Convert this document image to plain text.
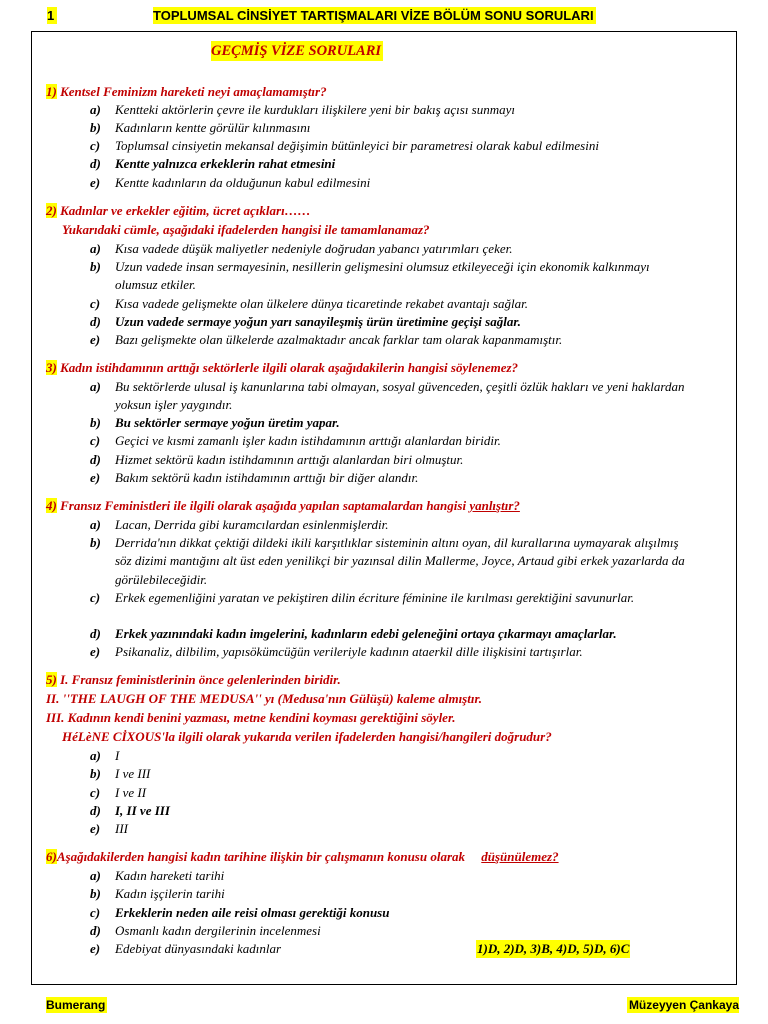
1	TOPLUMSAL CİNSİYET TARTIŞMALARI VİZE BÖLÜM SONU SORULARI
GEÇMİŞ VİZE SORULARI
1) Kentsel Feminizm hareketi neyi amaçlamamıştır?
a) Kentteki aktörlerin çevre ile kurdukları ilişkilere yeni bir bakış açısı sunmayı
b) Kadınların kentte görülür kılınmasını
c) Toplumsal cinsiyetin mekansal değişimin bütünleyici bir parametresi olarak kabul edilmesini
d) Kentte yalnızca erkeklerin rahat etmesini
e) Kentte kadınların da olduğunun kabul edilmesini
2) Kadınlar ve erkekler eğitim, ücret açıkları……
Yukarıdaki cümle, aşağıdaki ifadelerden hangisi ile tamamlanamaz?
a) Kısa vadede düşük maliyetler nedeniyle doğrudan yabancı yatırımları çeker.
b) Uzun vadede insan sermayesinin, nesillerin gelişmesini olumsuz etkileyeceği için ekonomik kalkınmayı olumsuz etkiler.
c) Kısa vadede gelişmekte olan ülkelere dünya ticaretinde rekabet avantajı sağlar.
d) Uzun vadede sermaye yoğun yarı sanayileşmiş ürün üretimine geçişi sağlar.
e) Bazı gelişmekte olan ülkelerde azalmaktadır ancak farklar tam olarak kapanmamıştır.
3) Kadın istihdamının arttığı sektörlerle ilgili olarak aşağıdakilerin hangisi söylenemez?
a) Bu sektörlerde ulusal iş kanunlarına tabi olmayan, sosyal güvenceden, çeşitli özlük hakları ve yeni haklardan yoksun işler yaygındır.
b) Bu sektörler sermaye yoğun üretim yapar.
c) Geçici ve kısmi zamanlı işler kadın istihdamının arttığı alanlardan biridir.
d) Hizmet sektörü kadın istihdamının arttığı alanlardan biri olmuştur.
e) Bakım sektörü kadın istihdamının arttığı bir diğer alandır.
4) Fransız Feministleri ile ilgili olarak aşağıda yapılan saptamalardan hangisi yanlıştır?
a) Lacan, Derrida gibi kuramcılardan esinlenmişlerdir.
b) Derrida'nın dikkat çektiği dildeki ikili karşıtlıklar sisteminin altını oyan, dil kurallarına uymayarak alışılmış söz dizimi mantığını alt üst eden yenilikçi bir yazınsal dilin Mallerme, Joyce, Artaud gibi erkek yazarlarda da görülebileceğidir.
c) Erkek egemenliğini yaratan ve pekiştiren dilin écriture féminine ile kırılması gerektiğini savunurlar.
d) Erkek yazınındaki kadın imgelerini, kadınların edebi geleneğini ortaya çıkarmayı amaçlarlar.
e) Psikanaliz, dilbilim, yapısökümcüğün verileriyle kadının ataerkil dille ilişkisini tartışırlar.
5) I. Fransız feministlerinin önce gelenlerinden biridir.
II. ''THE LAUGH OF THE MEDUSA'' yı (Medusa'nın Gülüşü) kaleme almıştır.
III. Kadının kendi benini yazması, metne kendini koyması gerektiğini söyler.
HéLèNE CİXOUS'la ilgili olarak yukarıda verilen ifadelerden hangisi/hangileri doğrudur?
a) I
b) I ve III
c) I ve II
d) I, II ve III
e) III
6)Aşağıdakilerden hangisi kadın tarihine ilişkin bir çalışmanın konusu olarak düşünülemez?
a) Kadın hareketi tarihi
b) Kadın işçilerin tarihi
c) Erkeklerin neden aile reisi olması gerektiği konusu
d) Osmanlı kadın dergilerinin incelenmesi
e) Edebiyat dünyasındaki kadınlar	1)D, 2)D, 3)B, 4)D, 5)D, 6)C
Bumerang	Müzeyyen Çankaya
